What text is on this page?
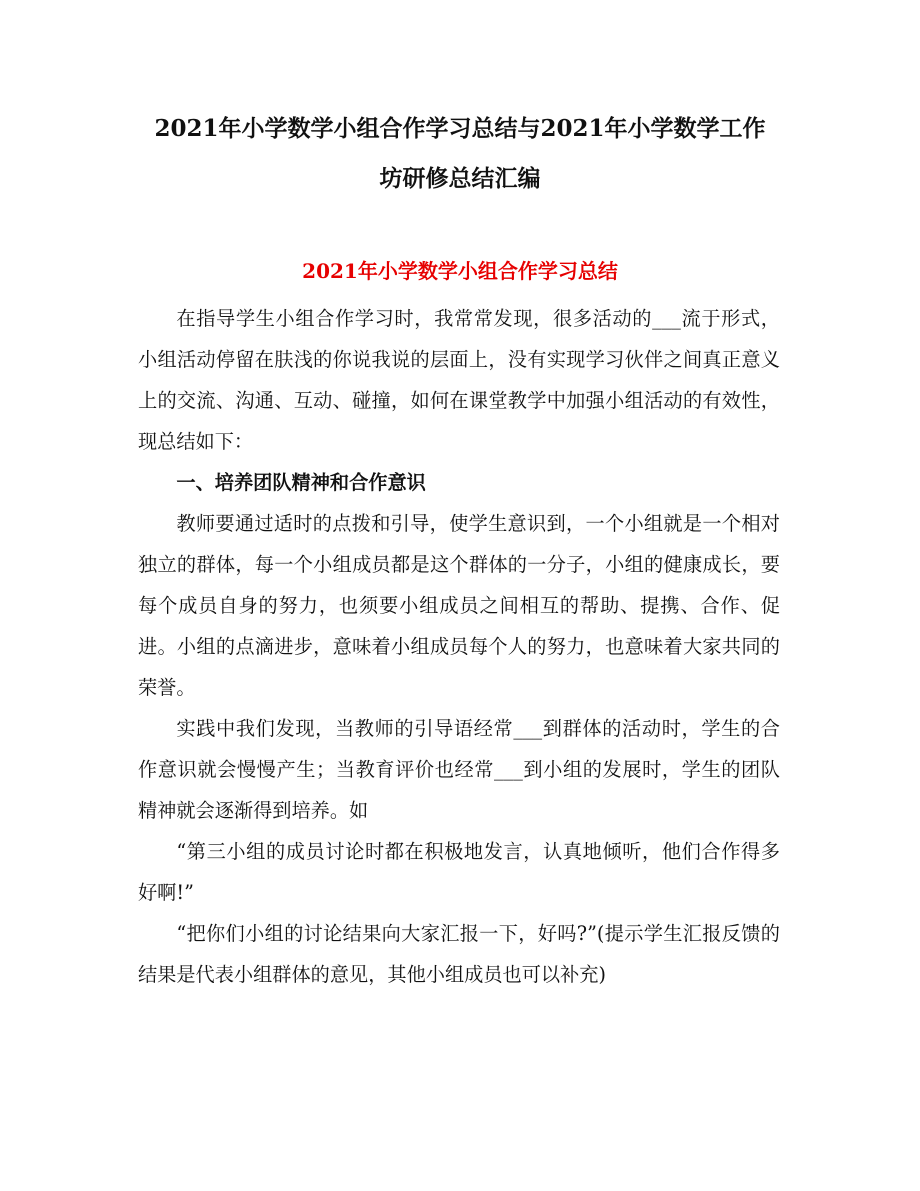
2021年小学数学小组合作学习总结与2021年小学数学工作
坊研修总结汇编
2021年小学数学小组合作学习总结

在指导学生小组合作学习时，我常常发现，很多活动的___流于形式，小组活动停留在肤浅的你说我说的层面上，没有实现学习伙伴之间真正意义上的交流、沟通、互动、碰撞，如何在课堂教学中加强小组活动的有效性，现总结如下：

一、培养团队精神和合作意识

教师要通过适时的点拨和引导，使学生意识到，一个小组就是一个相对独立的群体，每一个小组成员都是这个群体的一分子，小组的健康成长，要每个成员自身的努力，也须要小组成员之间相互的帮助、提携、合作、促进。小组的点滴进步，意味着小组成员每个人的努力，也意味着大家共同的荣誉。

实践中我们发现，当教师的引导语经常___到群体的活动时，学生的合作意识就会慢慢产生；当教育评价也经常___到小组的发展时，学生的团队精神就会逐渐得到培养。如

“第三小组的成员讨论时都在积极地发言，认真地倾听，他们合作得多好啊!”

“把你们小组的讨论结果向大家汇报一下，好吗?”(提示学生汇报反馈的结果是代表小组群体的意见，其他小组成员也可以补充)
